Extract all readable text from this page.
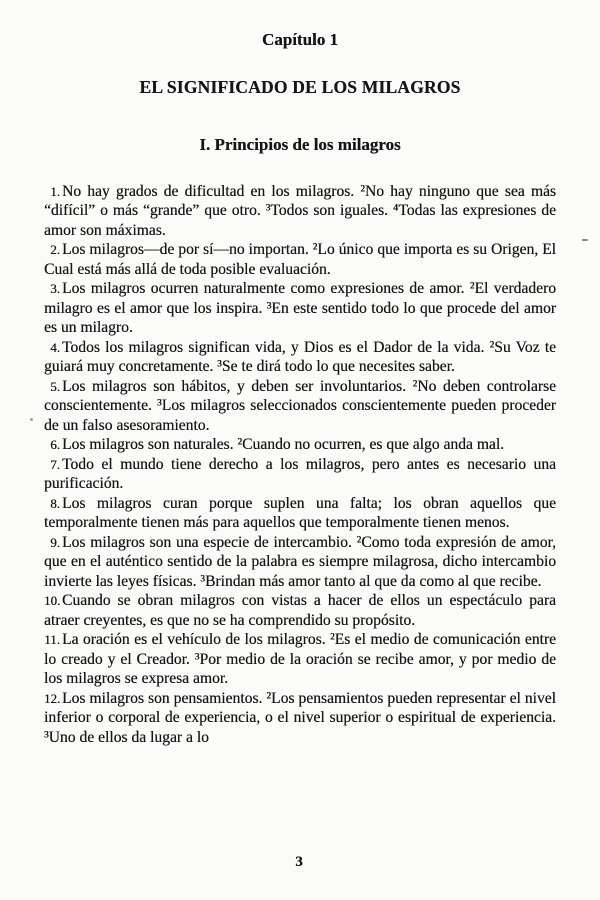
Capítulo 1

EL SIGNIFICADO DE LOS MILAGROS
I. Principios de los milagros
1. No hay grados de dificultad en los milagros. ²No hay ninguno que sea más “difícil” o más “grande” que otro. ³Todos son iguales. ⁴Todas las expresiones de amor son máximas.
2. Los milagros—de por sí—no importan. ²Lo único que importa es su Origen, El Cual está más allá de toda posible evaluación.
3. Los milagros ocurren naturalmente como expresiones de amor. ²El verdadero milagro es el amor que los inspira. ³En este sentido todo lo que procede del amor es un milagro.
4. Todos los milagros significan vida, y Dios es el Dador de la vida. ²Su Voz te guiará muy concretamente. ³Se te dirá todo lo que necesites saber.
5. Los milagros son hábitos, y deben ser involuntarios. ²No deben controlarse conscientemente. ³Los milagros seleccionados conscientemente pueden proceder de un falso asesoramiento.
6. Los milagros son naturales. ²Cuando no ocurren, es que algo anda mal.
7. Todo el mundo tiene derecho a los milagros, pero antes es necesario una purificación.
8. Los milagros curan porque suplen una falta; los obran aquellos que temporalmente tienen más para aquellos que temporalmente tienen menos.
9. Los milagros son una especie de intercambio. ²Como toda expresión de amor, que en el auténtico sentido de la palabra es siempre milagrosa, dicho intercambio invierte las leyes físicas. ³Brindan más amor tanto al que da como al que recibe.
10. Cuando se obran milagros con vistas a hacer de ellos un espectáculo para atraer creyentes, es que no se ha comprendido su propósito.
11. La oración es el vehículo de los milagros. ²Es el medio de comunicación entre lo creado y el Creador. ³Por medio de la oración se recibe amor, y por medio de los milagros se expresa amor.
12. Los milagros son pensamientos. ²Los pensamientos pueden representar el nivel inferior o corporal de experiencia, o el nivel superior o espiritual de experiencia. ³Uno de ellos da lugar a lo
3
